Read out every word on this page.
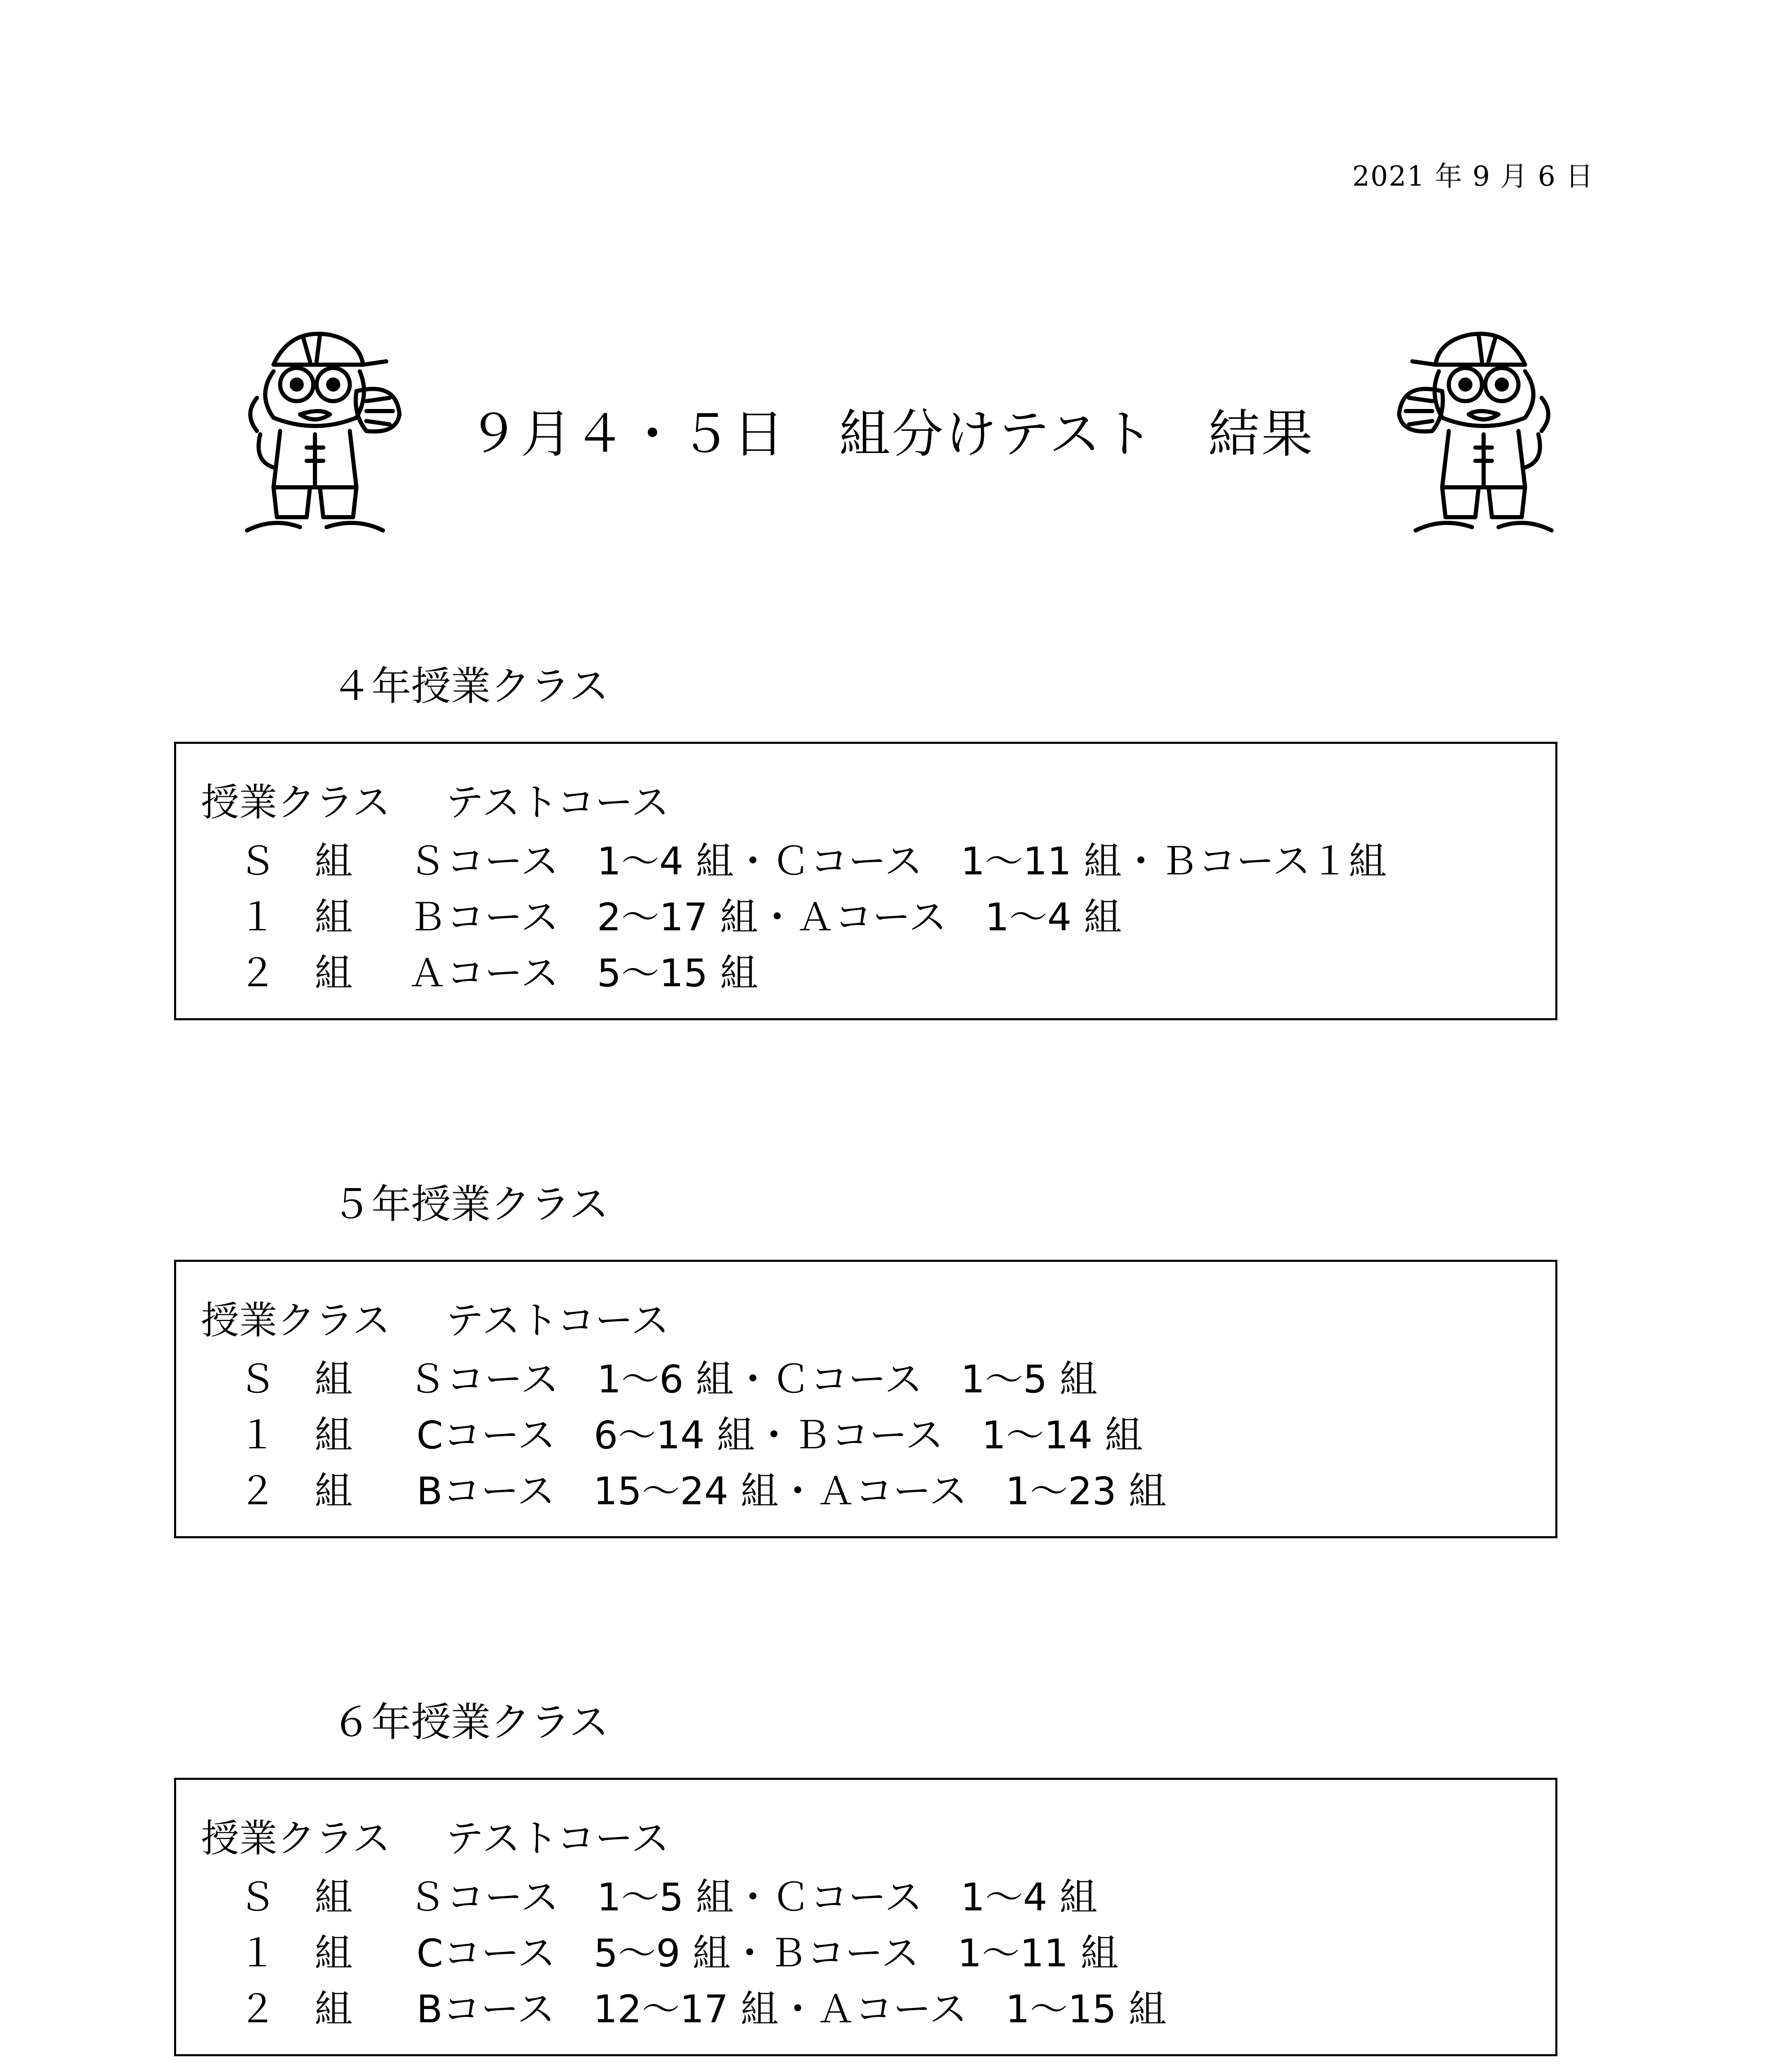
2021 年 9 月 6 日
９月４・５日　組分けテスト　結果
４年授業クラス
授業クラス テストコース
Ｓ　組	Ｓコース　1～4 組・Ｃコース　1～11 組・Ｂコース１組
１　組	Ｂコース　2～17 組・Ａコース　1～4 組
２　組	Ａコース　5～15 組
５年授業クラス
授業クラス テストコース
Ｓ　組	Ｓコース　1～6 組・Ｃコース　1～5 組
１　組	Cコース　6～14 組・Ｂコース　1～14 組
２　組	Bコース　15～24 組・Ａコース　1～23 組
６年授業クラス
授業クラス テストコース
Ｓ　組	Ｓコース　1～5 組・Ｃコース　1～4 組
１　組	Cコース　5～9 組・Ｂコース　1～11 組
２　組	Bコース　12～17 組・Ａコース　1～15 組
